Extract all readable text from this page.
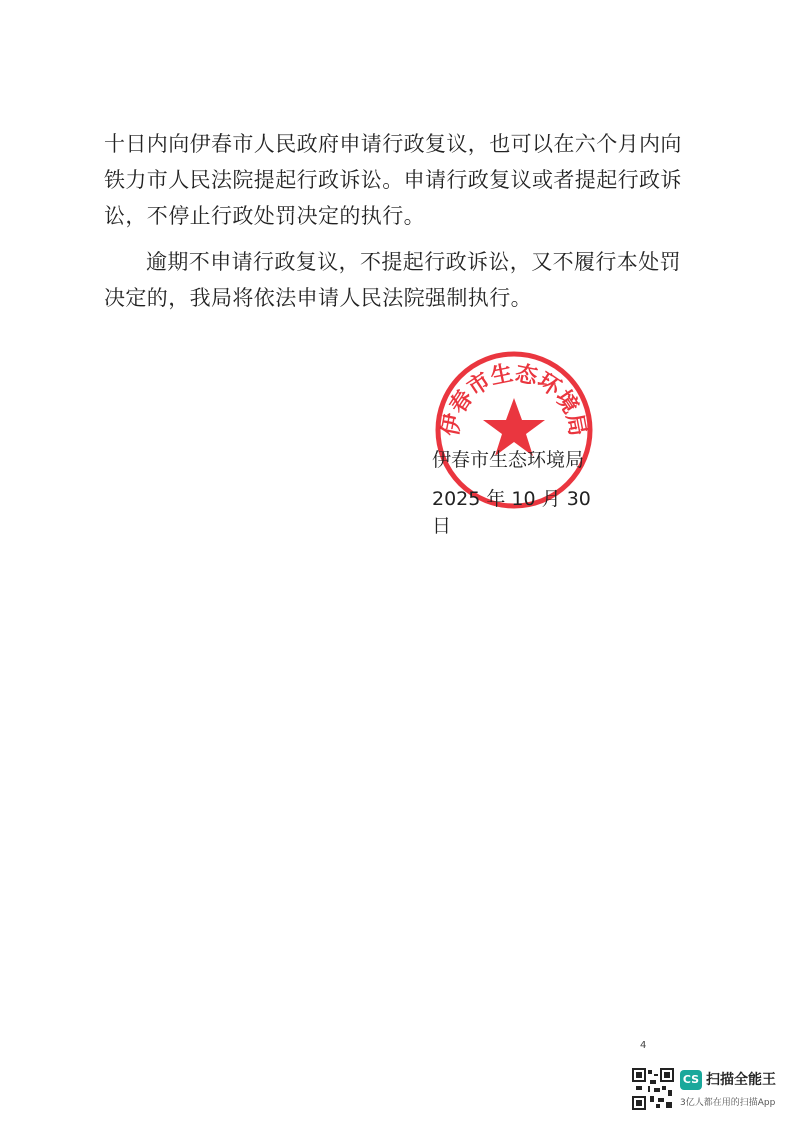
十日内向伊春市人民政府申请行政复议，也可以在六个月内向铁力市人民法院提起行政诉讼。申请行政复议或者提起行政诉讼，不停止行政处罚决定的执行。

逾期不申请行政复议，不提起行政诉讼，又不履行本处罚决定的，我局将依法申请人民法院强制执行。

伊春市生态环境局
伊春市生态环境局
2025 年 10 月 30 日
4
CS 扫描全能王
3亿人都在用的扫描App
